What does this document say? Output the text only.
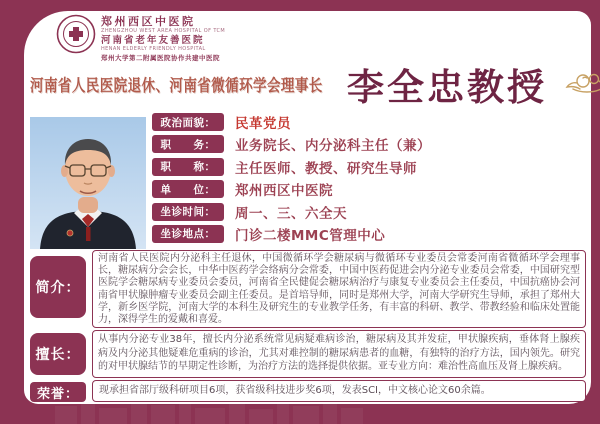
郑州西区中医院
ZHENGZHOU WEST AREA HOSPITAL OF TCM
河南省老年友善医院
HENAN ELDERLY FRIENDLY HOSPITAL
郑州大学第二附属医院协作共建中医院
河南省人民医院退休、河南省微循环学会理事长 李全忠教授
政治面貌：	民革党员
职　　务：	业务院长、内分泌科主任（兼）
职　　称：	主任医师、教授、研究生导师
单　　位：	郑州西区中医院
坐诊时间：	周一、三、六全天
坐诊地点：	门诊二楼MMC管理中心
简介：
河南省人民医院内分泌科主任退休，中国微循环学会糖尿病与微循环专业委员会常委河南省微循环学会理事长，糖尿病分会会长，中华中医药学会络病分会常委，中国中医药促进会内分泌专业委员会常委，中国研究型医院学会糖尿病专业委员会委员，河南省全民健促会糖尿病治疗与康复专业委员会主任委员，中国抗癌协会河南省甲状腺肿瘤专业委员会副主任委员。是首培导师，同时是郑州大学，河南大学研究生导师，承担了郑州大学，新乡医学院，河南大学的本科生及研究生的专业教学任务，有丰富的科研、教学、带教经验和临床处置能力，深得学生的爱戴和喜爱。
擅长：
从事内分泌专业38年，擅长内分泌系统常见病疑难病诊治，糖尿病及其并发症，甲状腺疾病，垂体肾上腺疾病及内分泌其他疑难危重病的诊治，尤其对难控制的糖尿病患者的血糖，有独特的治疗方法，国内领先。研究的对甲状腺结节的早期定性诊断，为治疗方法的选择提供依据。亚专业方向：难治性高血压及肾上腺疾病。
荣誉：	现承担省部厅级科研项目6项，获省级科技进步奖6项，发表SCI，中文核心论文60余篇。
